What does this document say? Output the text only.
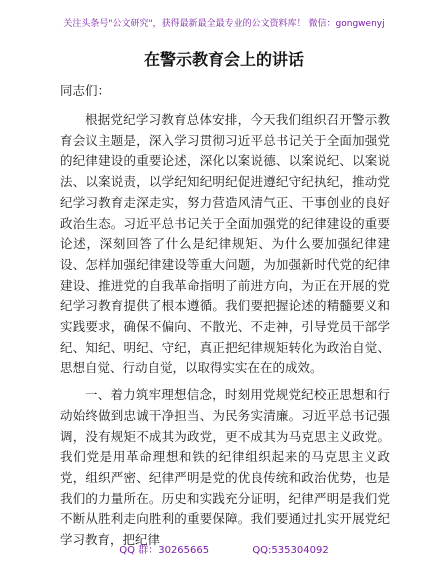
关注头条号"公文研究"，获得最新最全最专业的公文资料库！ 微信：gongwenyj
在警示教育会上的讲话
同志们：

根据党纪学习教育总体安排，今天我们组织召开警示教育会议主题是，深入学习贯彻习近平总书记关于全面加强党的纪律建设的重要论述，深化以案说德、以案说纪、以案说法、以案说责，以学纪知纪明纪促进遵纪守纪执纪，推动党纪学习教育走深走实，努力营造风清气正、干事创业的良好政治生态。习近平总书记关于全面加强党的纪律建设的重要论述，深刻回答了什么是纪律规矩、为什么要加强纪律建设、怎样加强纪律建设等重大问题，为加强新时代党的纪律建设、推进党的自我革命指明了前进方向，为正在开展的党纪学习教育提供了根本遵循。我们要把握论述的精髓要义和实践要求，确保不偏向、不散光、不走神，引导党员干部学纪、知纪、明纪、守纪，真正把纪律规矩转化为政治自觉、思想自觉、行动自觉，以取得实实在在的成效。

一、着力筑牢理想信念，时刻用党规党纪校正思想和行动始终做到忠诚干净担当、为民务实清廉。习近平总书记强调，没有规矩不成其为政党，更不成其为马克思主义政党。我们党是用革命理想和铁的纪律组织起来的马克思主义政党，组织严密、纪律严明是党的优良传统和政治优势，也是我们的力量所在。历史和实践充分证明，纪律严明是我们党不断从胜利走向胜利的重要保障。我们要通过扎实开展党纪学习教育，把纪律

QQ 群：30265665	QQ:535304092
